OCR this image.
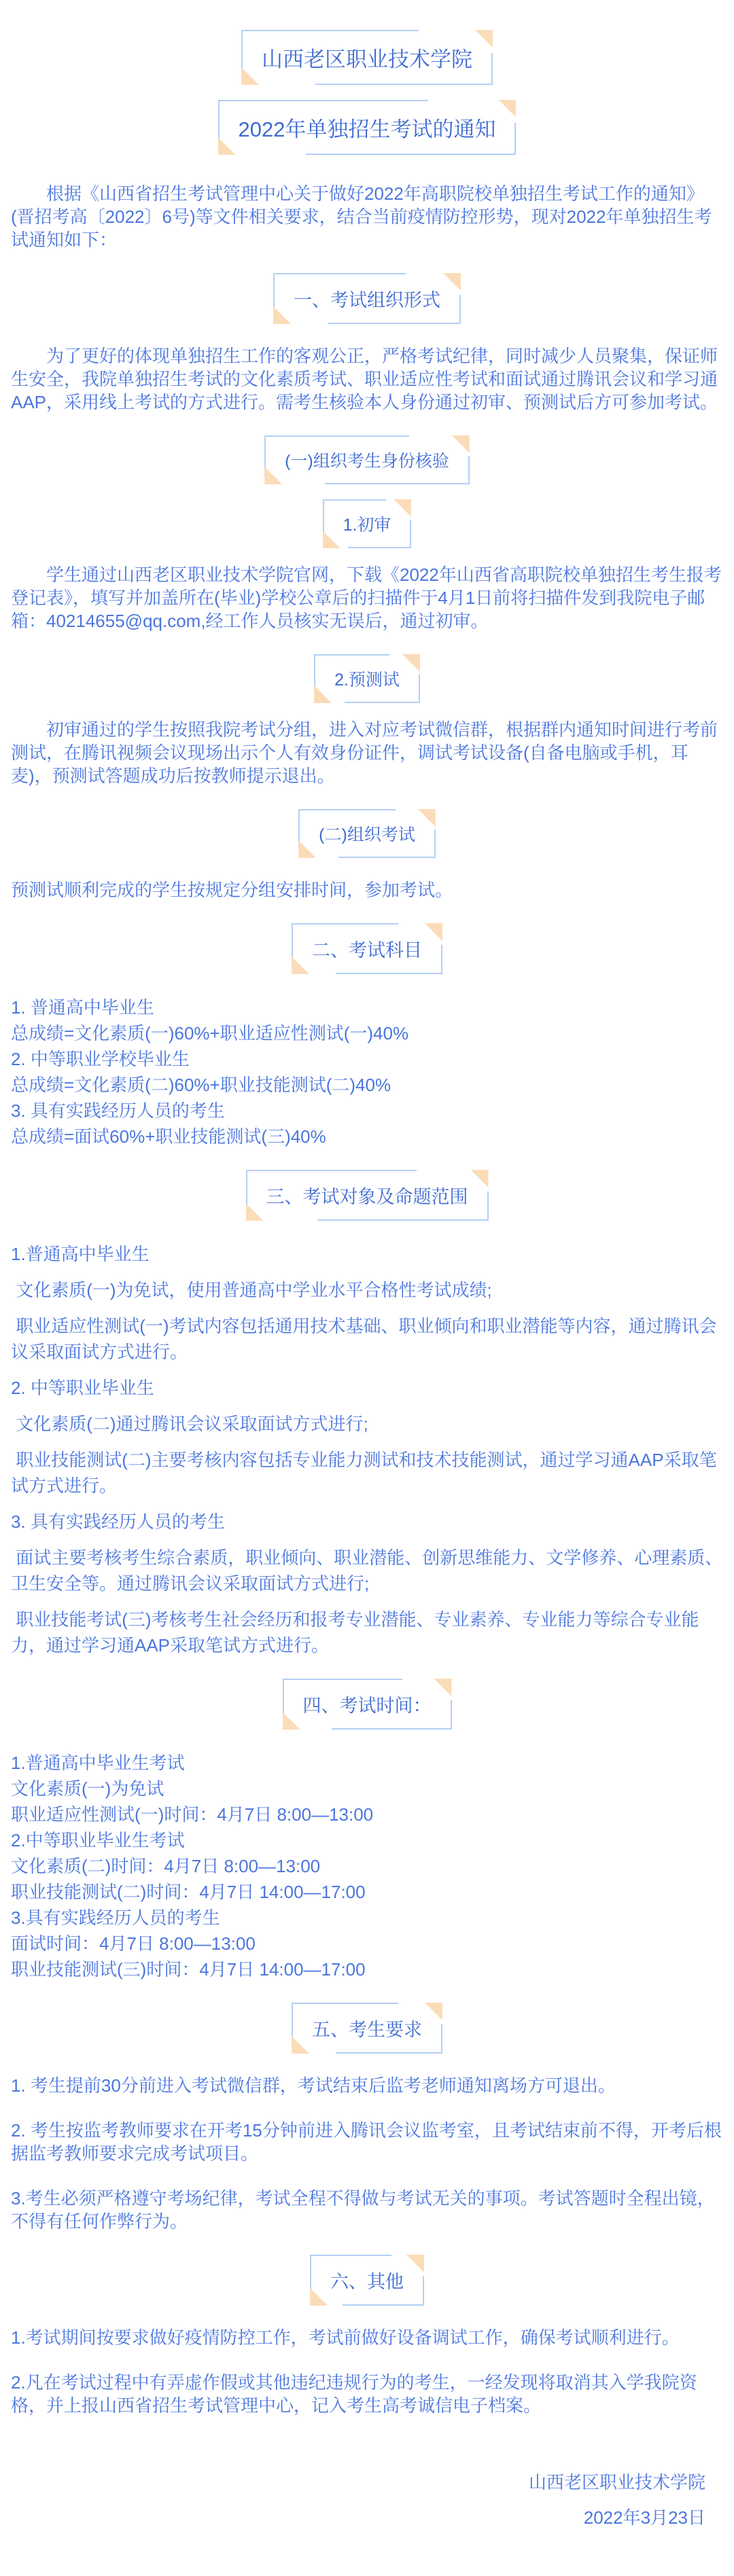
山西老区职业技术学院
2022年单独招生考试的通知

根据《山西省招生考试管理中心关于做好2022年高职院校单独招生考试工作的通知》(晋招考高〔2022〕6号)等文件相关要求，结合当前疫情防控形势，现对2022年单独招生考试通知如下：

一、考试组织形式

为了更好的体现单独招生工作的客观公正，严格考试纪律，同时减少人员聚集，保证师生安全，我院单独招生考试的文化素质考试、职业适应性考试和面试通过腾讯会议和学习通AAP，采用线上考试的方式进行。需考生核验本人身份通过初审、预测试后方可参加考试。

(一)组织考生身份核验
1.初审

学生通过山西老区职业技术学院官网，下载《2022年山西省高职院校单独招生考生报考登记表》，填写并加盖所在(毕业)学校公章后的扫描件于4月1日前将扫描件发到我院电子邮箱：40214655@qq.com,经工作人员核实无误后，通过初审。

2.预测试

初审通过的学生按照我院考试分组，进入对应考试微信群，根据群内通知时间进行考前测试，在腾讯视频会议现场出示个人有效身份证件，调试考试设备(自备电脑或手机，耳麦)，预测试答题成功后按教师提示退出。

(二)组织考试

预测试顺利完成的学生按规定分组安排时间，参加考试。

二、考试科目

1. 普通高中毕业生

总成绩=文化素质(一)60%+职业适应性测试(一)40%

2. 中等职业学校毕业生

总成绩=文化素质(二)60%+职业技能测试(二)40%

3. 具有实践经历人员的考生

总成绩=面试60%+职业技能测试(三)40%

三、考试对象及命题范围

1.普通高中毕业生

文化素质(一)为免试，使用普通高中学业水平合格性考试成绩;

职业适应性测试(一)考试内容包括通用技术基础、职业倾向和职业潜能等内容，通过腾讯会议采取面试方式进行。

2. 中等职业毕业生

文化素质(二)通过腾讯会议采取面试方式进行;

职业技能测试(二)主要考核内容包括专业能力测试和技术技能测试，通过学习通AAP采取笔试方式进行。

3. 具有实践经历人员的考生

面试主要考核考生综合素质，职业倾向、职业潜能、创新思维能力、文学修养、心理素质、卫生安全等。通过腾讯会议采取面试方式进行;

职业技能考试(三)考核考生社会经历和报考专业潜能、专业素养、专业能力等综合专业能力，通过学习通AAP采取笔试方式进行。

四、考试时间：

1.普通高中毕业生考试

文化素质(一)为免试

职业适应性测试(一)时间：4月7日 8:00—13:00

2.中等职业毕业生考试

文化素质(二)时间：4月7日 8:00—13:00

职业技能测试(二)时间：4月7日 14:00—17:00

3.具有实践经历人员的考生

面试时间：4月7日 8:00—13:00

职业技能测试(三)时间：4月7日 14:00—17:00

五、考生要求

1. 考生提前30分前进入考试微信群，考试结束后监考老师通知离场方可退出。

2. 考生按监考教师要求在开考15分钟前进入腾讯会议监考室，且考试结束前不得，开考后根据监考教师要求完成考试项目。

3.考生必须严格遵守考场纪律，考试全程不得做与考试无关的事项。考试答题时全程出镜，不得有任何作弊行为。

六、其他

1.考试期间按要求做好疫情防控工作，考试前做好设备调试工作，确保考试顺利进行。

2.凡在考试过程中有弄虚作假或其他违纪违规行为的考生，一经发现将取消其入学我院资格，并上报山西省招生考试管理中心，记入考生高考诚信电子档案。

山西老区职业技术学院

2022年3月23日
